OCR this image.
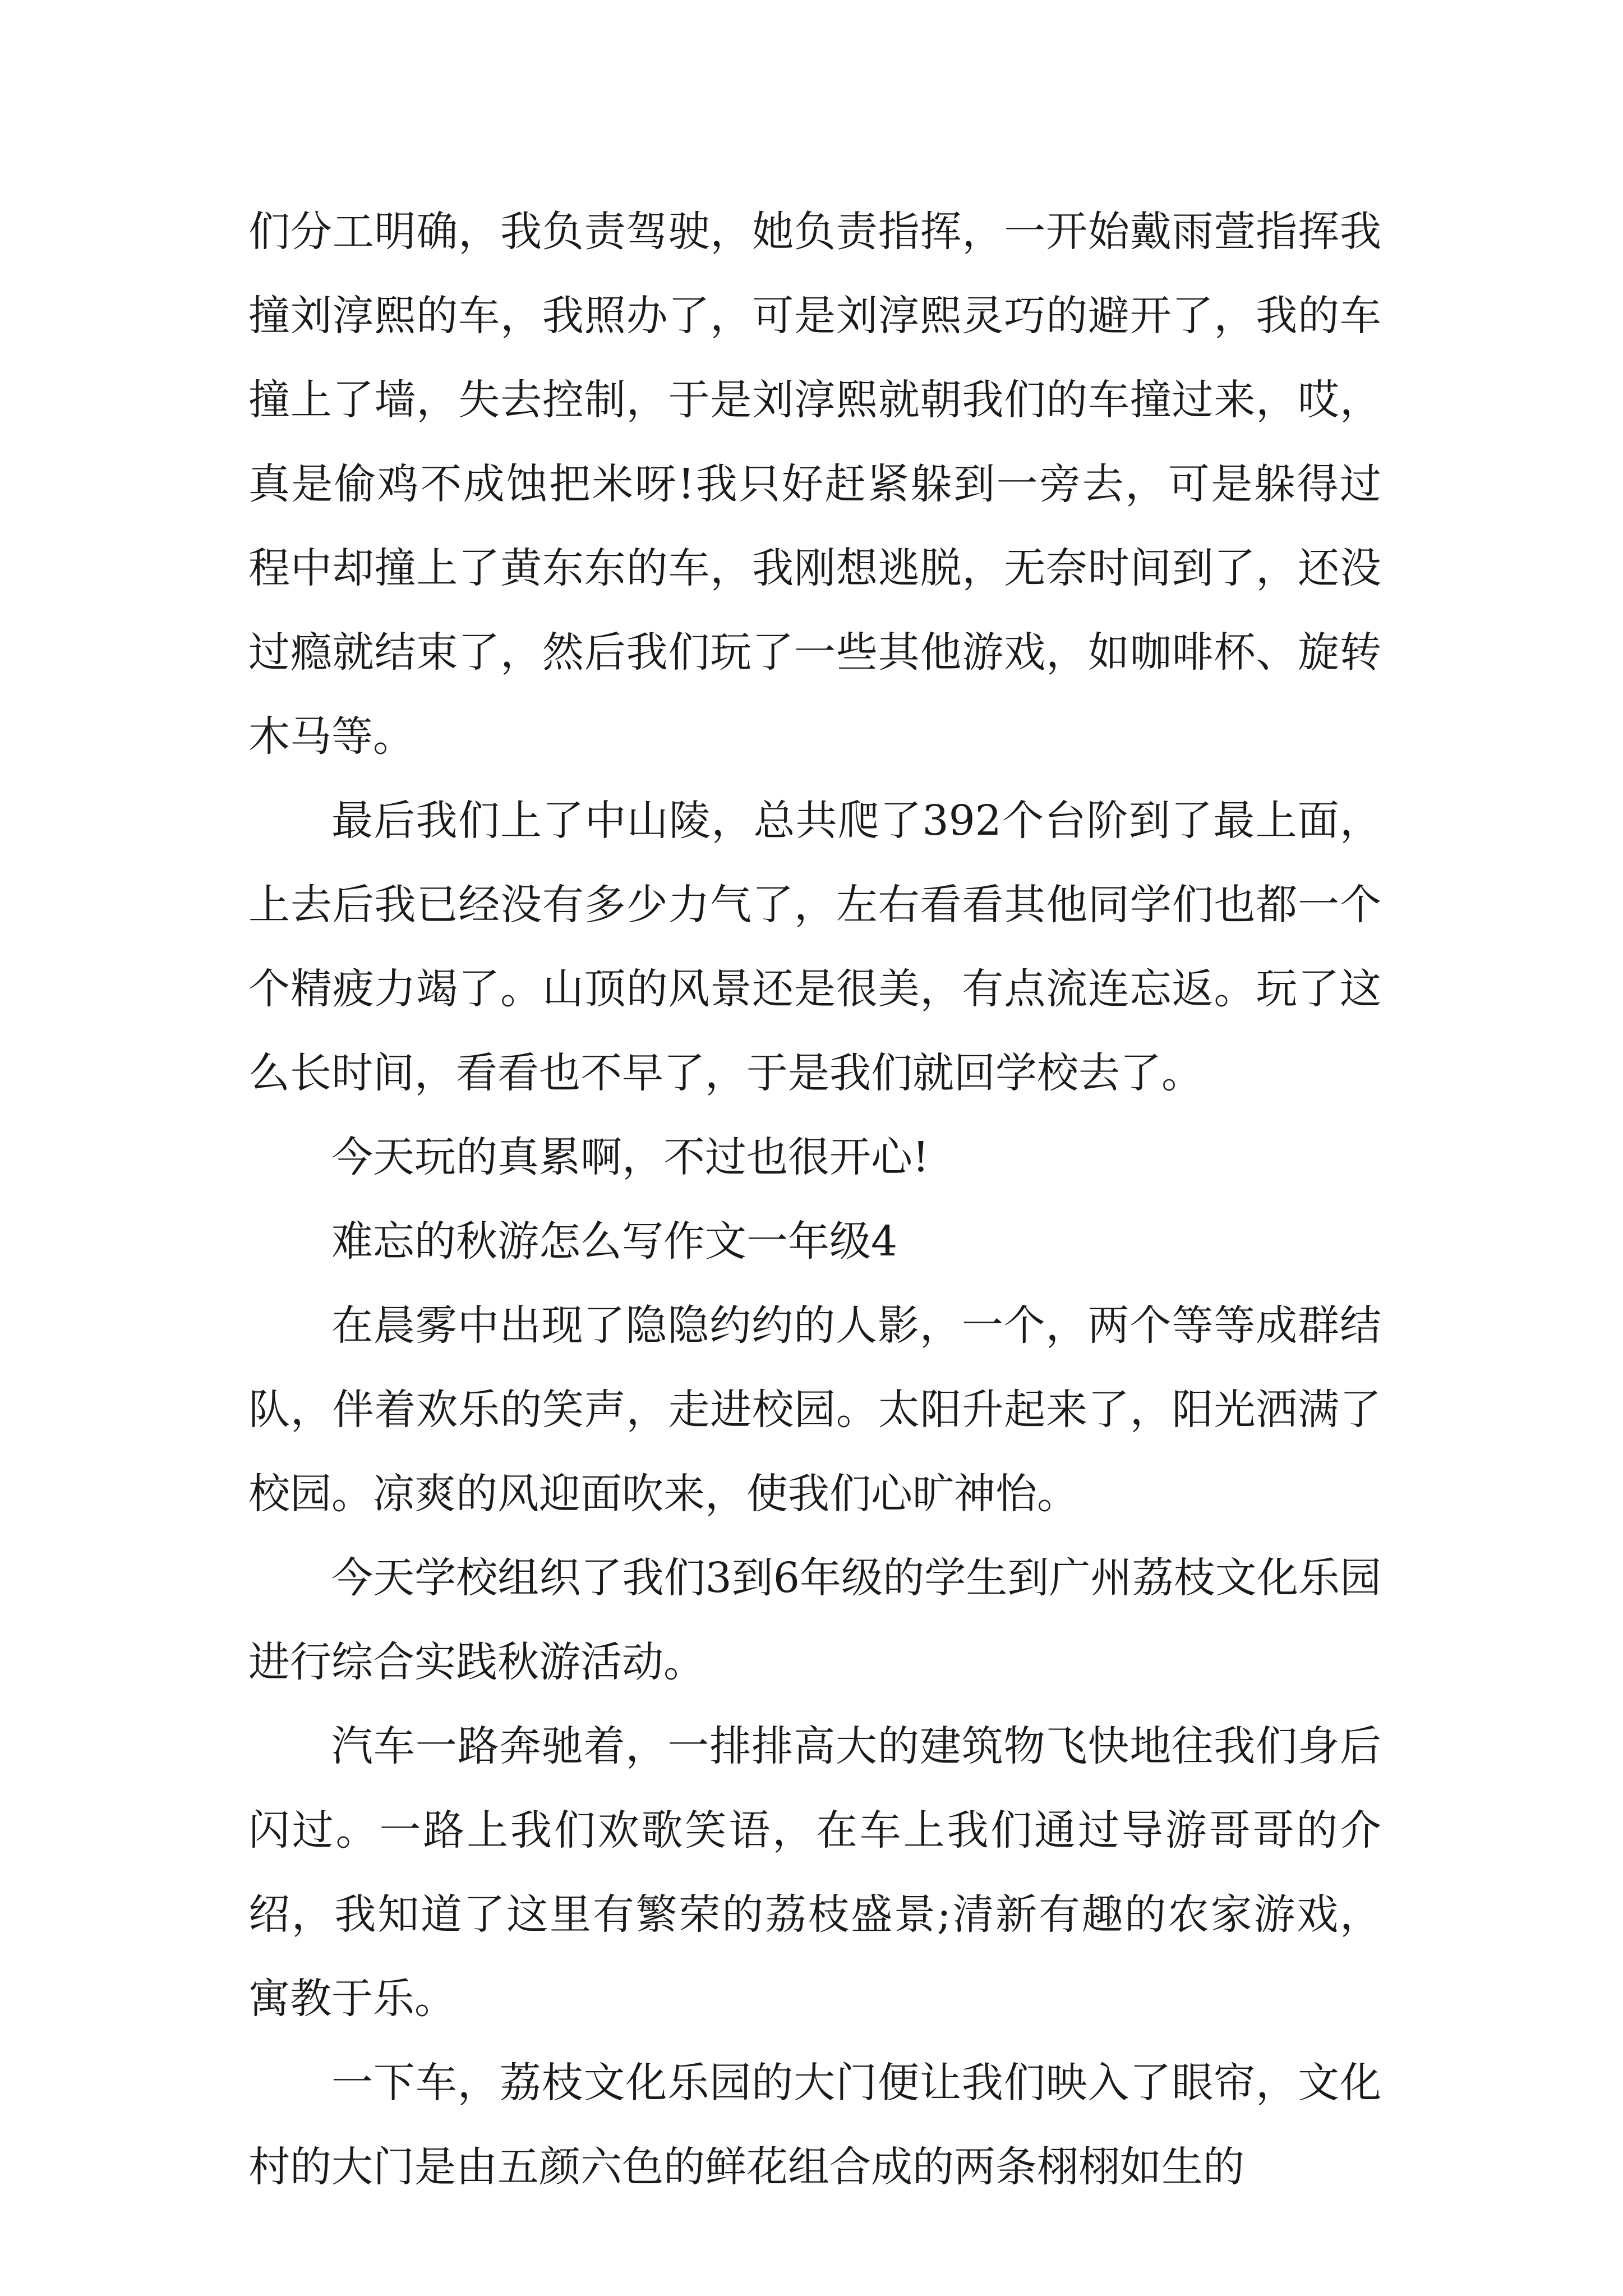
们分工明确，我负责驾驶，她负责指挥，一开始戴雨萱指挥我撞刘淳熙的车，我照办了，可是刘淳熙灵巧的避开了，我的车撞上了墙，失去控制，于是刘淳熙就朝我们的车撞过来，哎，真是偷鸡不成蚀把米呀!我只好赶紧躲到一旁去，可是躲得过程中却撞上了黄东东的车，我刚想逃脱，无奈时间到了，还没过瘾就结束了，然后我们玩了一些其他游戏，如咖啡杯、旋转木马等。

最后我们上了中山陵，总共爬了392个台阶到了最上面，上去后我已经没有多少力气了，左右看看其他同学们也都一个个精疲力竭了。山顶的风景还是很美，有点流连忘返。玩了这么长时间，看看也不早了，于是我们就回学校去了。

今天玩的真累啊，不过也很开心!

难忘的秋游怎么写作文一年级4

在晨雾中出现了隐隐约约的人影，一个，两个等等成群结队，伴着欢乐的笑声，走进校园。太阳升起来了，阳光洒满了校园。凉爽的风迎面吹来，使我们心旷神怡。

今天学校组织了我们3到6年级的学生到广州荔枝文化乐园进行综合实践秋游活动。

汽车一路奔驰着，一排排高大的建筑物飞快地往我们身后闪过。一路上我们欢歌笑语，在车上我们通过导游哥哥的介绍，我知道了这里有繁荣的荔枝盛景;清新有趣的农家游戏，寓教于乐。

一下车，荔枝文化乐园的大门便让我们映入了眼帘，文化村的大门是由五颜六色的鲜花组合成的两条栩栩如生的
